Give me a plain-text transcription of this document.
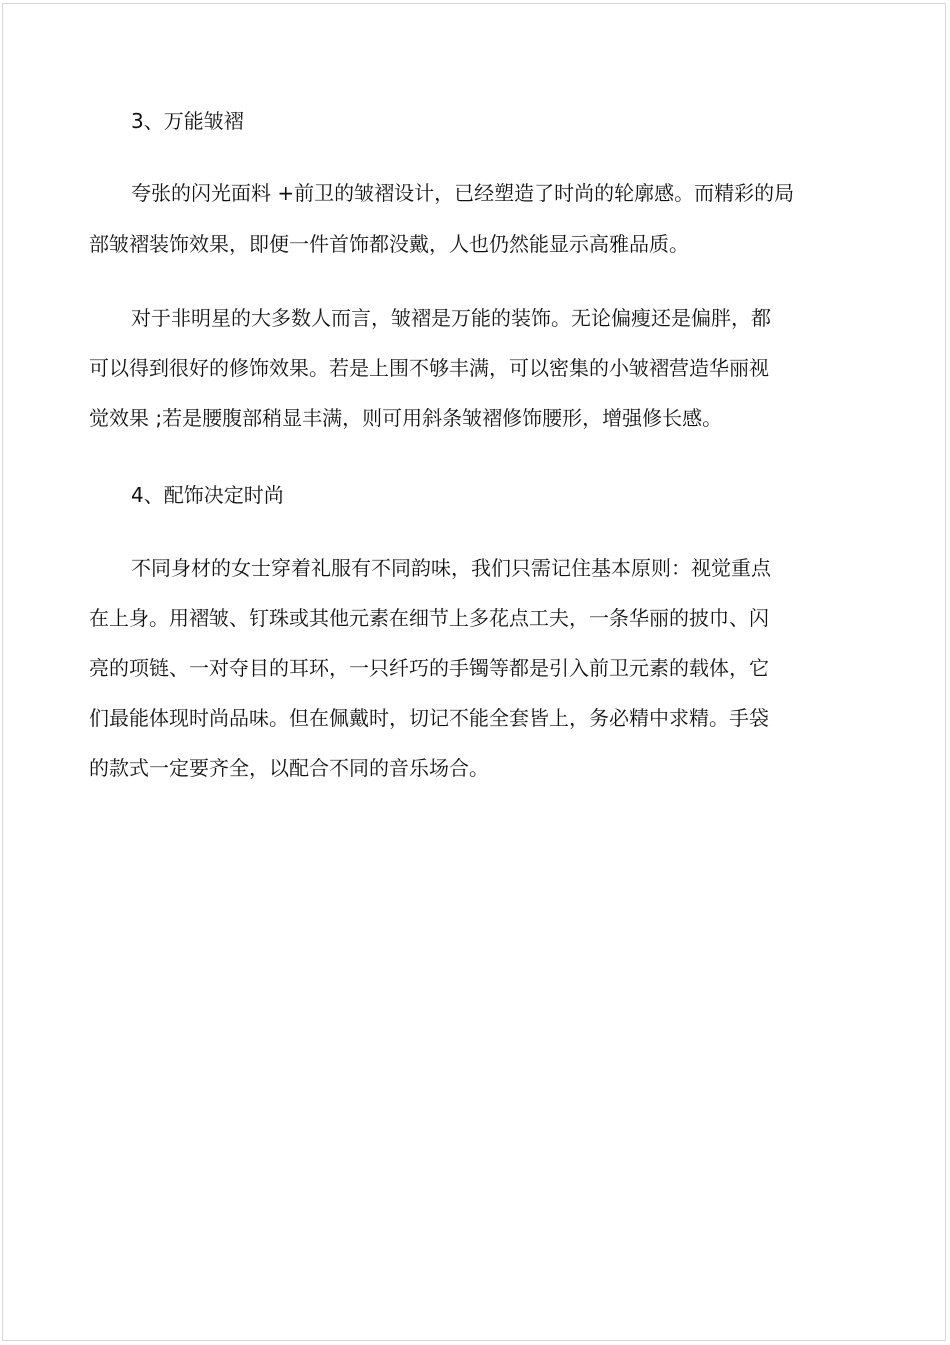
3、万能皱褶
夸张的闪光面料 +前卫的皱褶设计，已经塑造了时尚的轮廓感。而精彩的局
部皱褶装饰效果，即便一件首饰都没戴，人也仍然能显示高雅品质。
对于非明星的大多数人而言，皱褶是万能的装饰。无论偏瘦还是偏胖，都
可以得到很好的修饰效果。若是上围不够丰满，可以密集的小皱褶营造华丽视
觉效果 ;若是腰腹部稍显丰满，则可用斜条皱褶修饰腰形，增强修长感。
4、配饰决定时尚
不同身材的女士穿着礼服有不同韵味，我们只需记住基本原则：视觉重点
在上身。用褶皱、钉珠或其他元素在细节上多花点工夫，一条华丽的披巾、闪
亮的项链、一对夺目的耳环，一只纤巧的手镯等都是引入前卫元素的载体，它
们最能体现时尚品味。但在佩戴时，切记不能全套皆上，务必精中求精。手袋
的款式一定要齐全，以配合不同的音乐场合。
